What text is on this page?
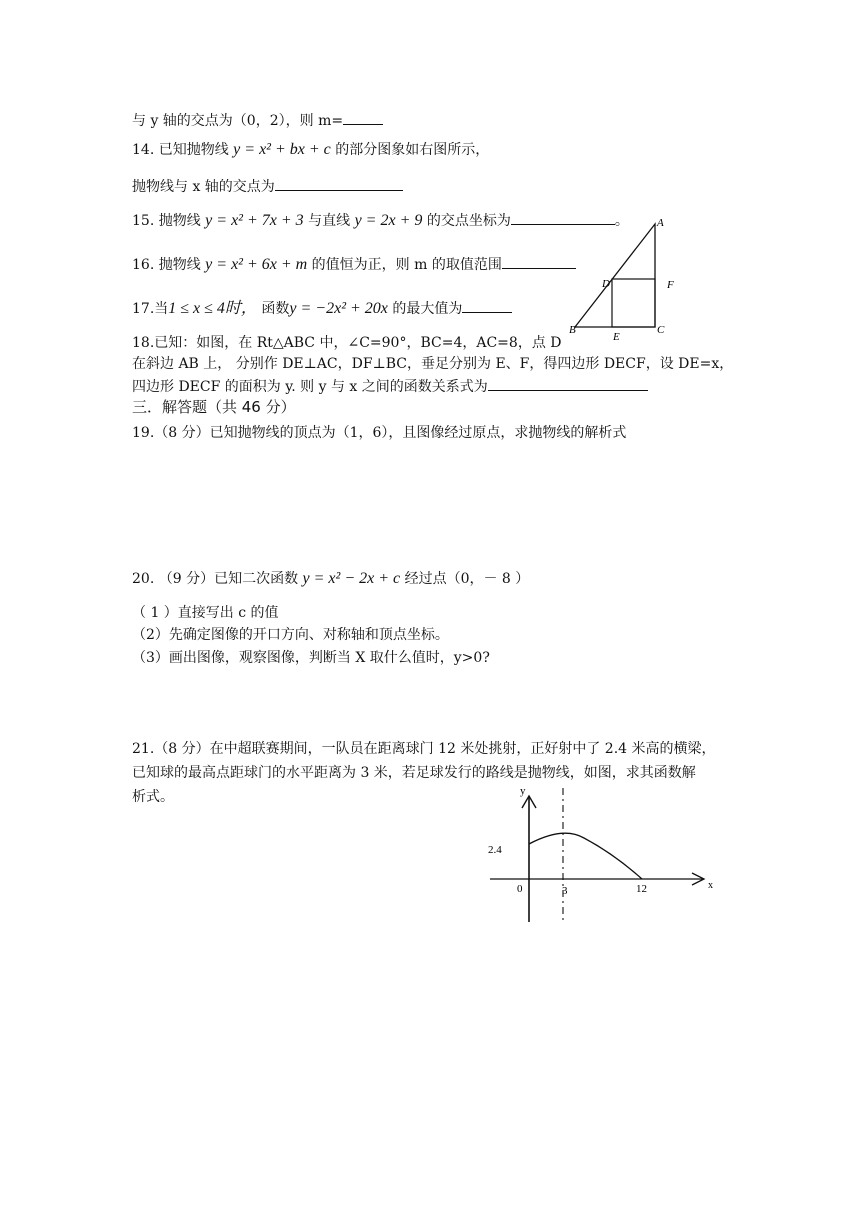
与 y 轴的交点为（0，2），则 m=
14. 已知抛物线 y = x² + bx + c 的部分图象如右图所示，
抛物线与 x 轴的交点为
15. 抛物线 y = x² + 7x + 3 与直线 y = 2x + 9 的交点坐标为	。
16. 抛物线 y = x² + 6x + m 的值恒为正，则 m 的取值范围
17.当1 ≤ x ≤ 4时， 函数y = −2x² + 20x 的最大值为
A
D	F
B
E
C
18.已知：如图，在 Rt△ABC 中，∠C=90°，BC=4，AC=8，点 D
在斜边 AB 上， 分别作 DE⊥AC，DF⊥BC，垂足分别为 E、F，得四边形 DECF，设 DE=x，
四边形 DECF 的面积为 y. 则 y 与 x 之间的函数关系式为
三．解答题（共 46 分）
19.（8 分）已知抛物线的顶点为（1，6），且图像经过原点，求抛物线的解析式
20. （9 分）已知二次函数 y = x² − 2x + c 经过点（0，－ 8 ）
（ 1 ）直接写出 c 的值
（2）先确定图像的开口方向、对称轴和顶点坐标。
（3）画出图像，观察图像，判断当 X 取什么值时，y>0?
21.（8 分）在中超联赛期间，一队员在距离球门 12 米处挑射，正好射中了 2.4 米高的横梁，
已知球的最高点距球门的水平距离为 3 米，若足球发行的路线是抛物线，如图，求其函数解
析式。	y
x
2.4
0	3	12
